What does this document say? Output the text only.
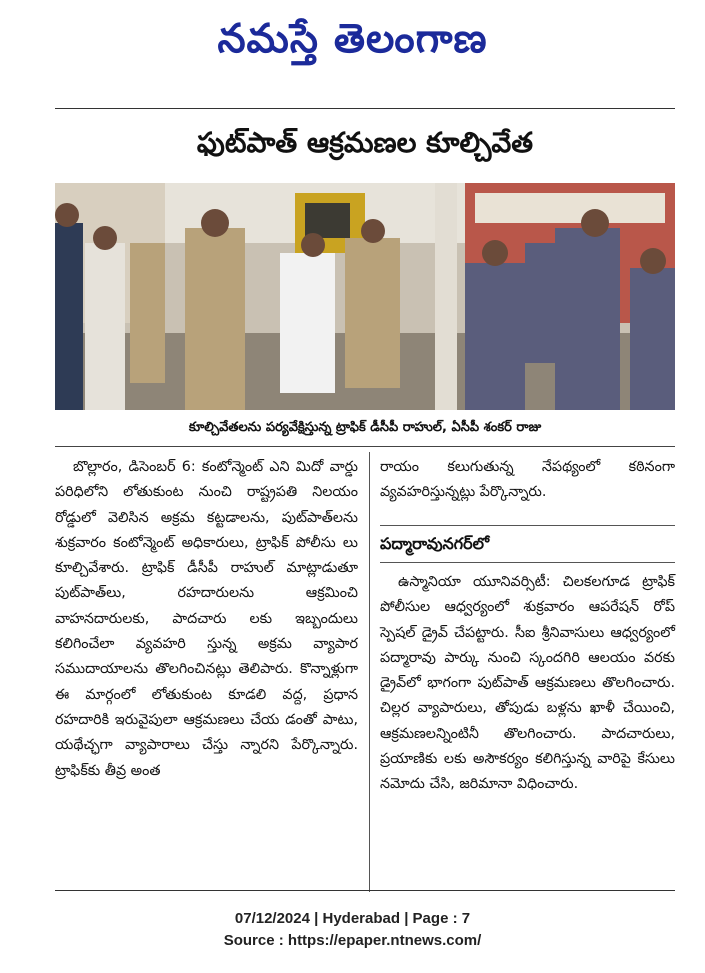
నమస్తే తెలంగాణ
ఫుట్‌పాత్ ఆక్రమణల కూల్చివేత
కూల్చివేతలను పర్యవేక్షిస్తున్న ట్రాఫిక్ డీసీపీ రాహుల్, ఏసీపీ శంకర్ రాజు

బొల్లారం, డిసెంబర్ 6: కంటోన్మెంట్ ఎని మిదో వార్డు పరిధిలోని లోతుకుంట నుంచి రాష్ట్రపతి నిలయం రోడ్డులో వెలిసిన అక్రమ కట్టడాలను, పుట్‌పాత్‌లను శుక్రవారం కంటోన్మెంట్ అధికారులు, ట్రాఫిక్ పోలీసు లు కూల్చివేశారు. ట్రాఫిక్ డీసీపీ రాహుల్ మాట్లాడుతూ పుట్‌పాత్‌లు, రహదారులను ఆక్రమించి వాహనదారులకు, పాదచారు లకు ఇబ్బందులు కలిగించేలా వ్యవహరి స్తున్న అక్రమ వ్యాపార సముదాయాలను తొలగించినట్లు తెలిపారు. కొన్నాళ్లుగా ఈ మార్గంలో లోతుకుంట కూడలి వద్ద, ప్రధాన రహదారికి ఇరువైపులా ఆక్రమణలు చేయ డంతో పాటు, యథేచ్ఛగా వ్యాపారాలు చేస్తు న్నారని పేర్కొన్నారు. ట్రాఫిక్‌కు తీవ్ర అంత

రాయం కలుగుతున్న నేపథ్యంలో కఠినంగా వ్యవహరిస్తున్నట్లు పేర్కొన్నారు.

పద్మారావునగర్‌లో

ఉస్మానియా యూనివర్సిటీ: చిలకలగూడ ట్రాఫిక్ పోలీసుల ఆధ్వర్యంలో శుక్రవారం ఆపరేషన్ రోప్ స్పెషల్ డ్రైవ్ చేపట్టారు. సీఐ శ్రీనివాసులు ఆధ్వర్యంలో పద్మారావు పార్కు నుంచి స్కందగిరి ఆలయం వరకు డ్రైవ్‌లో భాగంగా పుట్‌పాత్ ఆక్రమణలు తొలగించారు. చిల్లర వ్యాపారులు, తోపుడు బళ్లను ఖాళీ చేయించి, ఆక్రమణలన్నింటినీ తొలగించారు. పాదచారులు, ప్రయాణికు లకు అసౌకర్యం కలిగిస్తున్న వారిపై కేసులు నమోదు చేసి, జరిమానా విధించారు.

07/12/2024 | Hyderabad | Page : 7
Source : https://epaper.ntnews.com/
